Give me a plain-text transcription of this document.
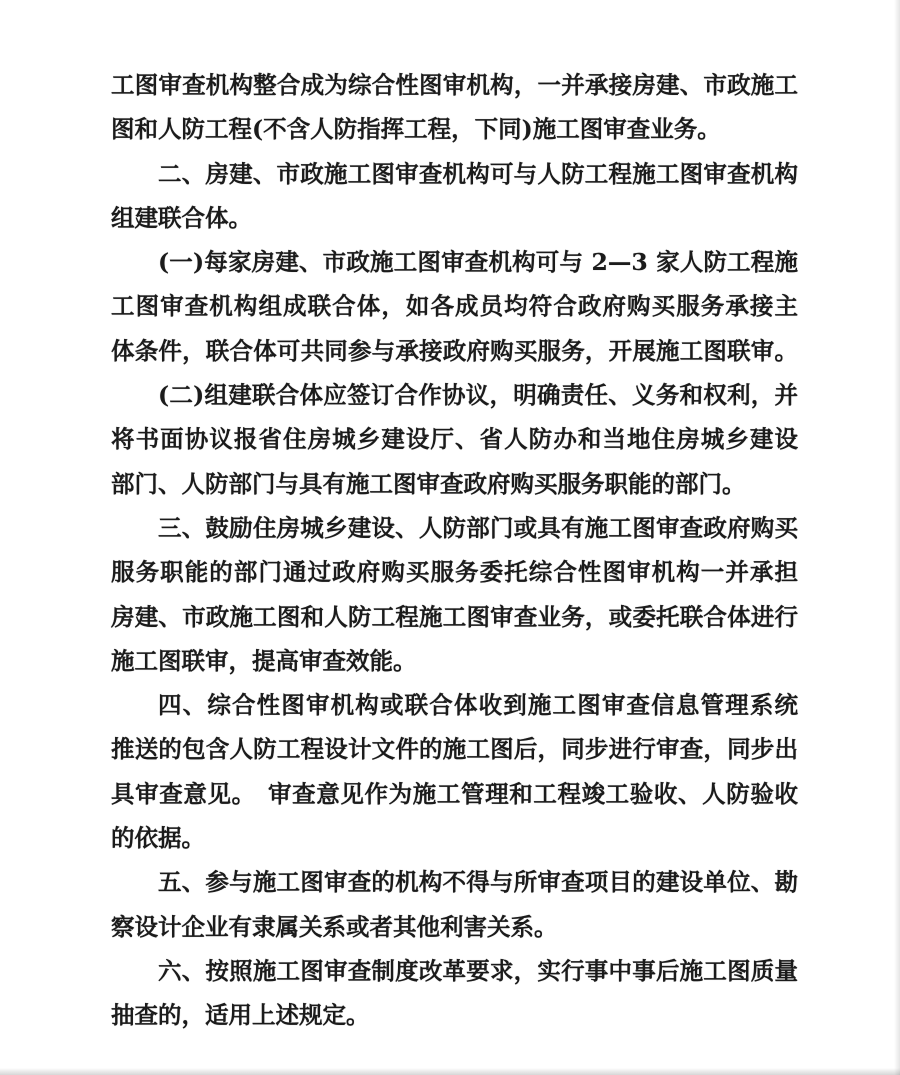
工图审查机构整合成为综合性图审机构，一并承接房建、市政施工
图和人防工程(不含人防指挥工程，下同)施工图审查业务。
二、房建、市政施工图审查机构可与人防工程施工图审查机构
组建联合体。
(一)每家房建、市政施工图审查机构可与 2—3 家人防工程施
工图审查机构组成联合体，如各成员均符合政府购买服务承接主
体条件，联合体可共同参与承接政府购买服务，开展施工图联审。
(二)组建联合体应签订合作协议，明确责任、义务和权利，并
将书面协议报省住房城乡建设厅、省人防办和当地住房城乡建设
部门、人防部门与具有施工图审查政府购买服务职能的部门。
三、鼓励住房城乡建设、人防部门或具有施工图审查政府购买
服务职能的部门通过政府购买服务委托综合性图审机构一并承担
房建、市政施工图和人防工程施工图审查业务，或委托联合体进行
施工图联审，提高审查效能。
四、综合性图审机构或联合体收到施工图审查信息管理系统
推送的包含人防工程设计文件的施工图后，同步进行审查，同步出
具审查意见。　审查意见作为施工管理和工程竣工验收、人防验收
的依据。
五、参与施工图审查的机构不得与所审查项目的建设单位、勘
察设计企业有隶属关系或者其他利害关系。
六、按照施工图审查制度改革要求，实行事中事后施工图质量
抽查的，适用上述规定。
